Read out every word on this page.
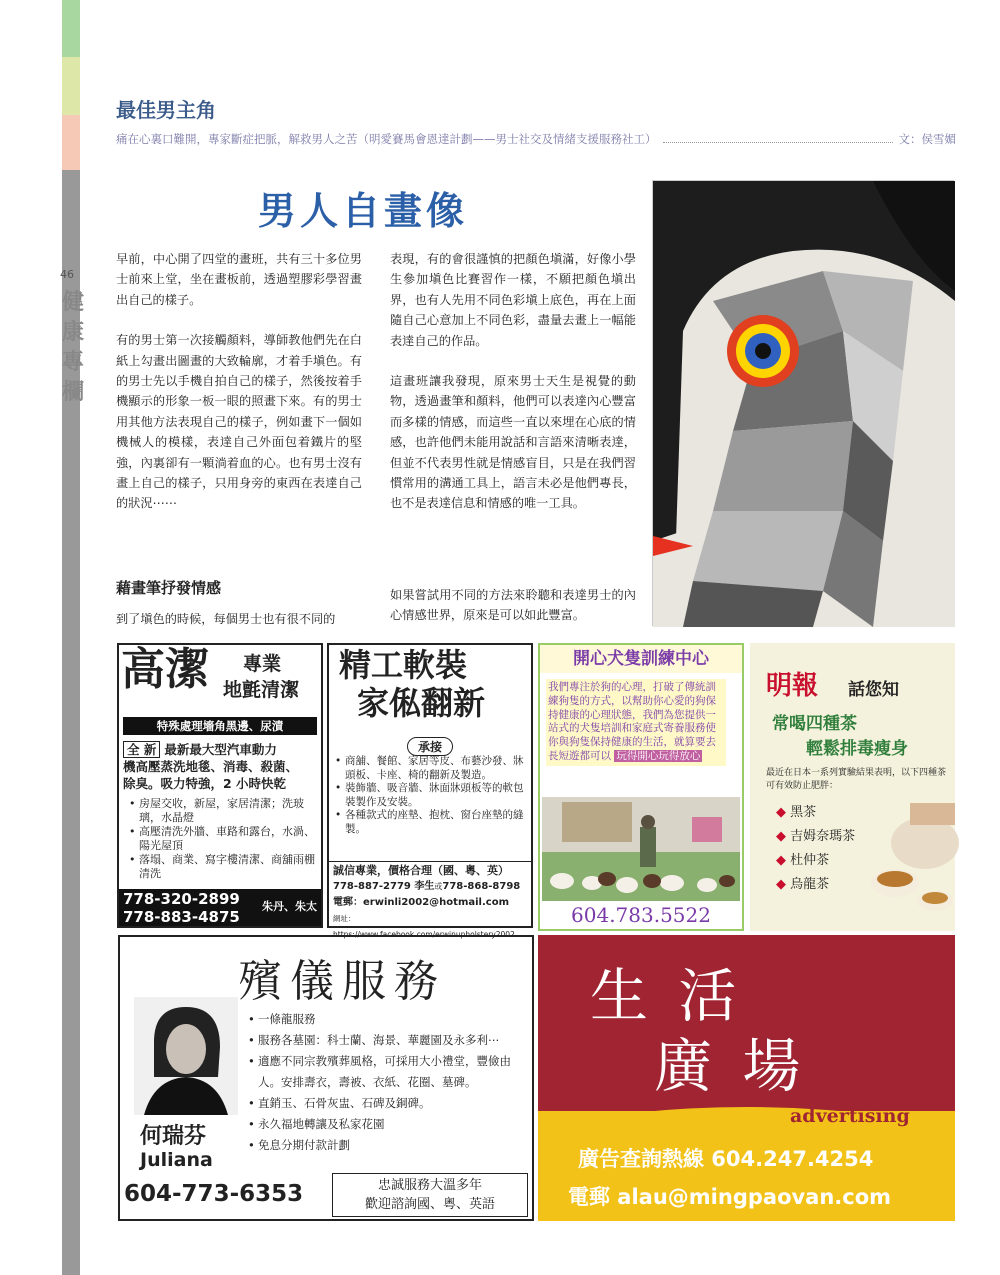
46
健
康
專
欄
最佳男主角
痛在心裏口難開，專家斷症把脈，解救男人之苦（明愛賽馬會恩達計劃——男士社交及情緒支援服務社工）	文：侯雪媚
男人自畫像

早前，中心開了四堂的畫班，共有三十多位男士前來上堂，坐在畫板前，透過塑膠彩學習畫出自己的樣子。

有的男士第一次接觸顏料，導師教他們先在白紙上勾畫出圖畫的大致輪廓，才着手塡色。有的男士先以手機自拍自己的樣子，然後按着手機顯示的形象一板一眼的照畫下來。有的男士用其他方法表現自己的樣子，例如畫下一個如機械人的模樣，表達自己外面包着鐵片的堅強，內裏卻有一顆淌着血的心。也有男士沒有畫上自己的樣子，只用身旁的東西在表達自己的狀況⋯⋯

藉畫筆抒發情感
到了塡色的時候，每個男士也有很不同的

表現，有的會很謹慎的把顏色塡滿，好像小學生參加塡色比賽習作一樣，不願把顏色塡出界，也有人先用不同色彩塡上底色，再在上面隨自己心意加上不同色彩，盡量去畫上一幅能表達自己的作品。

這畫班讓我發現，原來男士天生是視覺的動物，透過畫筆和顏料，他們可以表達內心豐富而多樣的情感，而這些一直以來埋在心底的情感，也許他們未能用說話和言語來清晰表達，但並不代表男性就是情感盲目，只是在我們習慣常用的溝通工具上，語言未必是他們專長，也不是表達信息和情感的唯一工具。

如果嘗試用不同的方法來聆聽和表達男士的內心情感世界，原來是可以如此豐富。
高潔 專業
地氈清潔
特殊處理墻角黑邊、尿漬
全 新 最新最大型汽車動力
機高壓蒸洗地毯、消毒、殺菌、
除臭。吸力特強，2 小時快乾
• 房屋交收，新屋，家居清潔；洗玻璃，水晶燈
• 高壓清洗外牆、車路和露台，水渦、陽光屋頂
• 落塌、商業、寫字樓清潔、商舖雨棚清洗
778-320-2899
778-883-4875
朱丹、朱太
精工軟裝
家俬翻新
承接
• 商舖、餐館、家居等皮、布藝沙發、牀頭板、卡座、椅的翻新及製造。
• 裝飾牆、吸音牆、牀面牀頭板等的軟包裝製作及安裝。
• 各種款式的座墊、抱枕、窗台座墊的縫製。
誠信專業，價格合理（國、粵、英）
778-887-2779 李生或778-868-8798
電郵：erwinli2002@hotmail.com
網址：https://www.facebook.com/erwinupholstery2002
開心犬隻訓練中心
我們專注於狗的心理，打破了傳統訓練狗隻的方式，以幫助你心愛的狗保持健康的心理狀態，我們為您提供一站式的犬隻培訓和家庭式寄養服務使你與狗隻保持健康的生活，就算要去長短遊都可以 玩得開心玩得放心
604.783.5522
明報 話您知
常喝四種茶
輕鬆排毒瘦身
最近在日本一系列實驗結果表明，以下四種茶可有效防止肥胖：
◆ 黑茶
◆ 吉姆奈瑪茶
◆ 杜仲茶
◆ 烏龍茶
殯儀服務
• 一條龍服務
• 服務各墓園：科士蘭、海景、華麗園及永多利⋯
• 適應不同宗教殯葬風格，可採用大小禮堂，豐儉由人。安排壽衣，壽被、衣紙、花圈、墓碑。
• 直銷玉、石骨灰盅、石碑及銅碑。
• 永久福地轉讓及私家花園
• 免息分期付款計劃
何瑞芬
Juliana
604-773-6353	忠誠服務大溫多年
歡迎諮詢國、粵、英語
生 活
廣 場
advertising
廣告查詢熱線 604.247.4254
電郵 alau@mingpaovan.com
